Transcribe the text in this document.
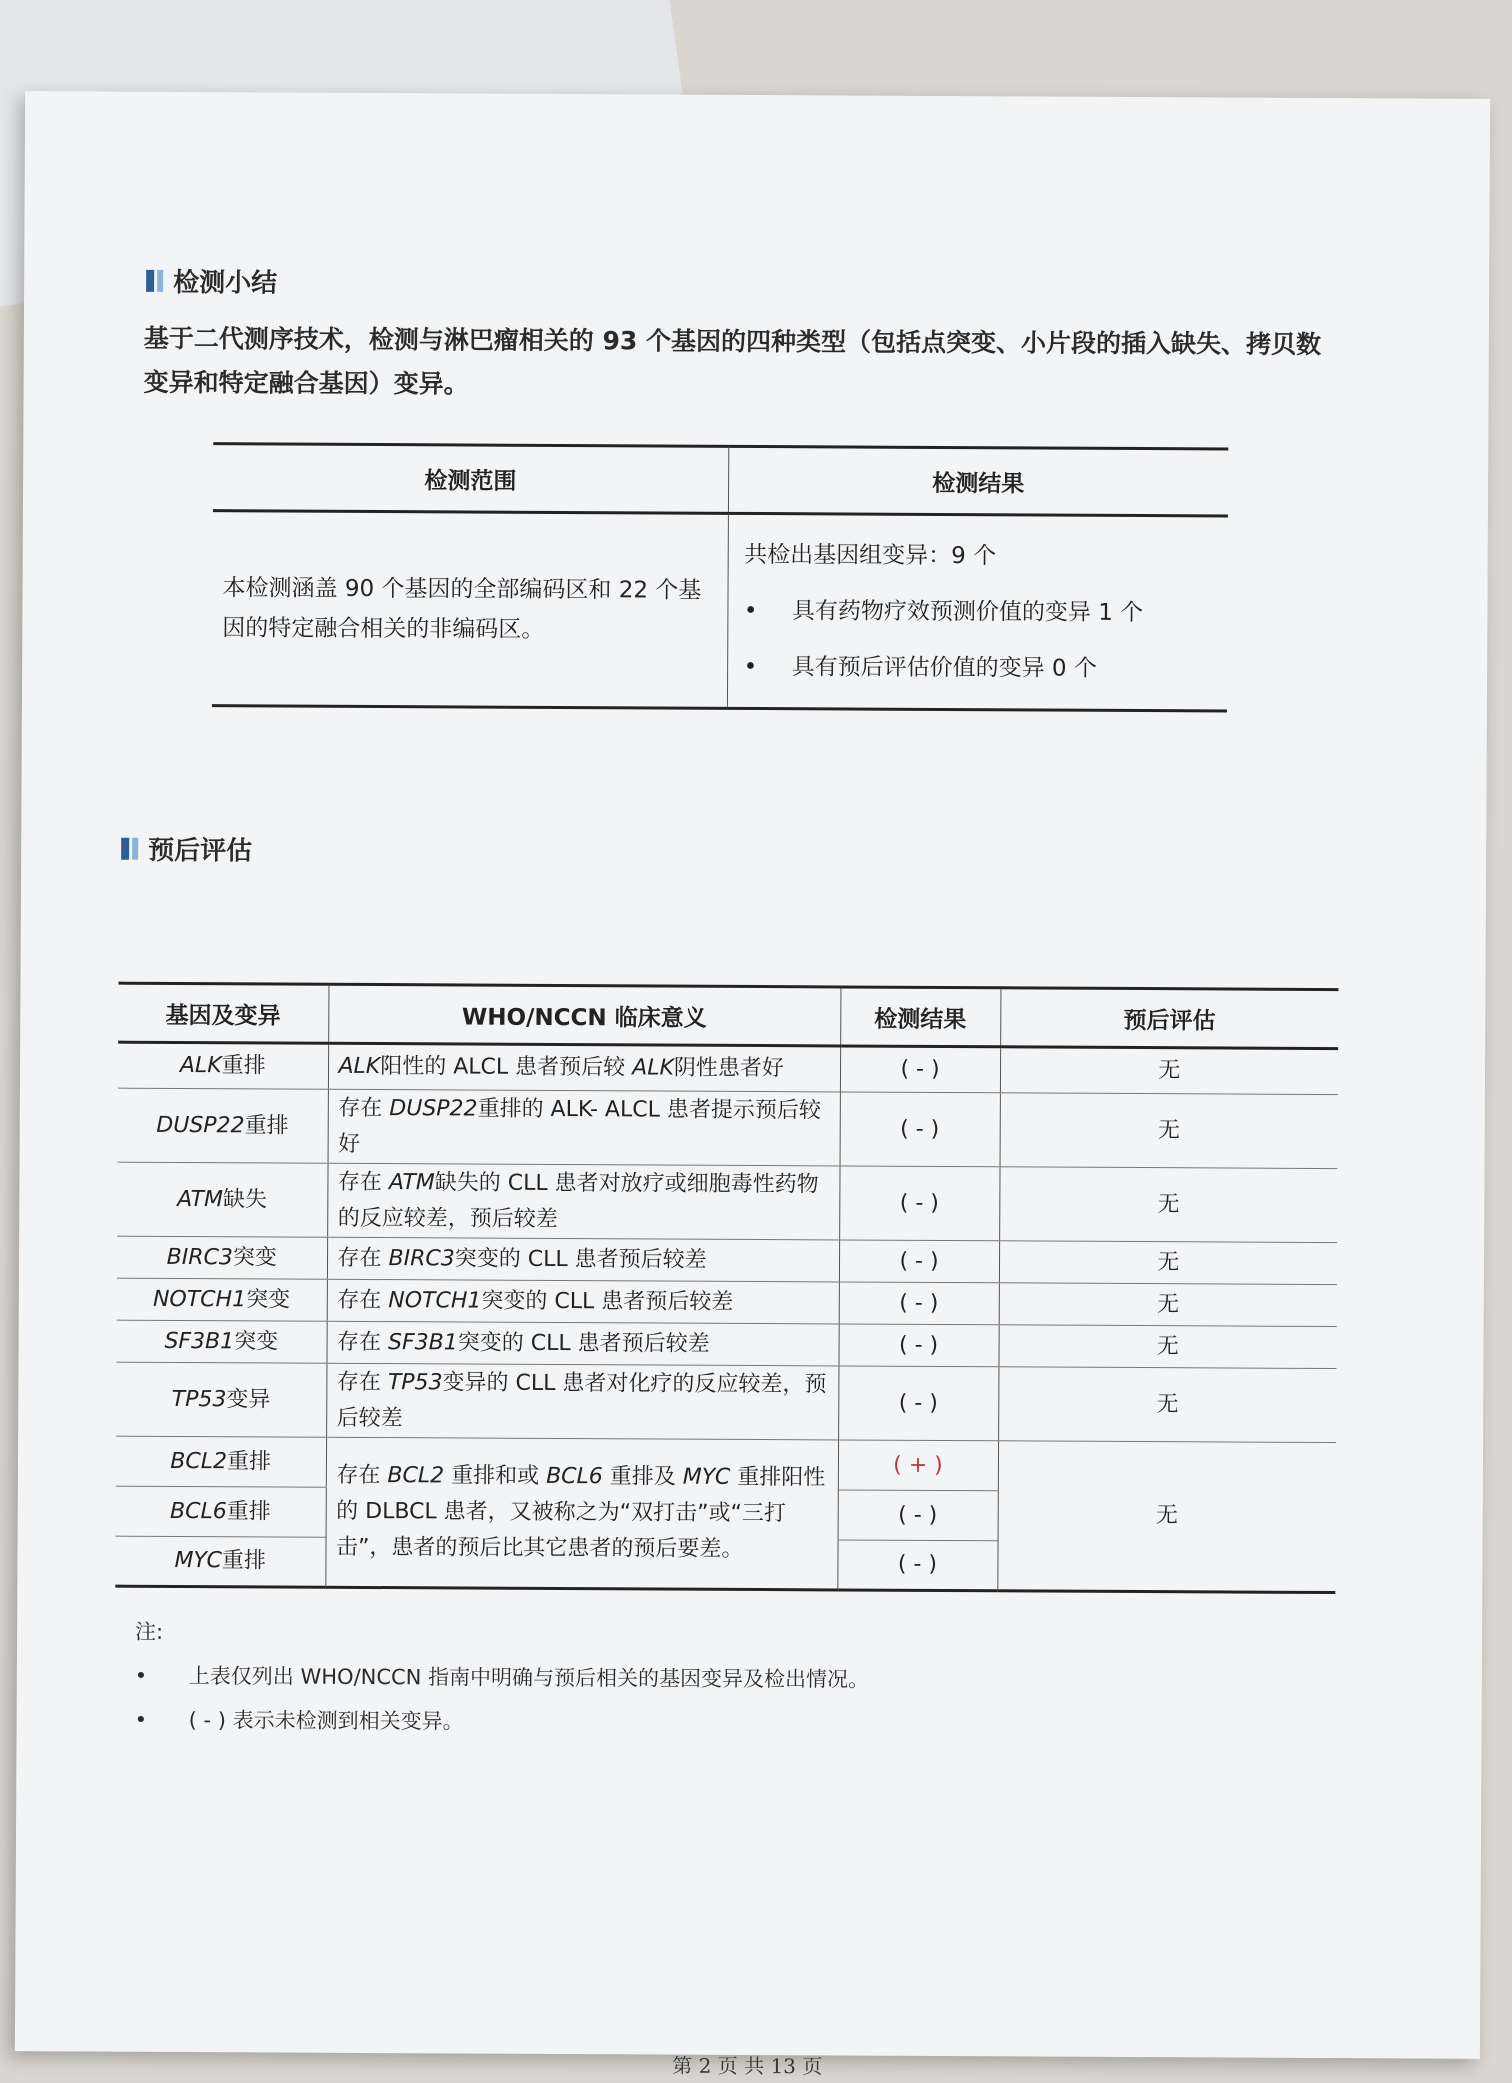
检测小结
基于二代测序技术，检测与淋巴瘤相关的 93 个基因的四种类型（包括点突变、小片段的插入缺失、拷贝数变异和特定融合基因）变异。
检测范围	检测结果
本检测涵盖 90 个基因的全部编码区和 22 个基因的特定融合相关的非编码区。	共检出基因组变异：9 个
• 具有药物疗效预测价值的变异 1 个
• 具有预后评估价值的变异 0 个
预后评估
基因及变异	WHO/NCCN 临床意义	检测结果	预后评估
ALK重排	ALK阳性的 ALCL 患者预后较 ALK阴性患者好	( - )	无
DUSP22重排	存在 DUSP22重排的 ALK- ALCL 患者提示预后较好	( - )	无
ATM缺失	存在 ATM缺失的 CLL 患者对放疗或细胞毒性药物的反应较差，预后较差	( - )	无
BIRC3突变	存在 BIRC3突变的 CLL 患者预后较差	( - )	无
NOTCH1突变	存在 NOTCH1突变的 CLL 患者预后较差	( - )	无
SF3B1突变	存在 SF3B1突变的 CLL 患者预后较差	( - )	无
TP53变异	存在 TP53变异的 CLL 患者对化疗的反应较差，预后较差	( - )	无
BCL2重排	存在 BCL2 重排和或 BCL6 重排及 MYC 重排阳性的 DLBCL 患者，又被称之为“双打击”或“三打击”，患者的预后比其它患者的预后要差。	( + )	无
BCL6重排		( - )	
MYC重排		( - )	
注:
•	上表仅列出 WHO/NCCN 指南中明确与预后相关的基因变异及检出情况。
•	( - ) 表示未检测到相关变异。
第 2 页 共 13 页
